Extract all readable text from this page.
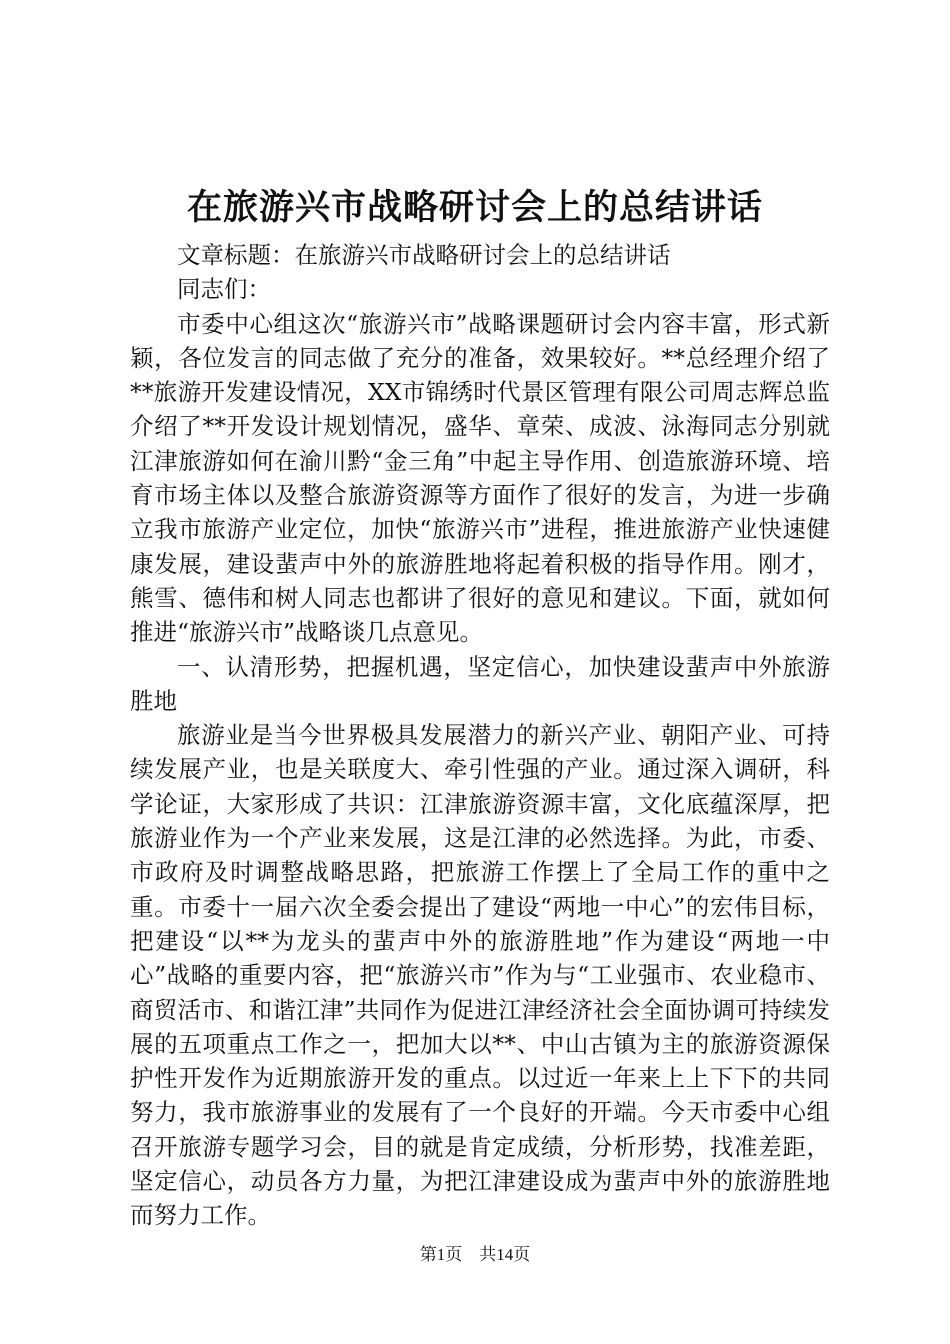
在旅游兴市战略研讨会上的总结讲话

文章标题：在旅游兴市战略研讨会上的总结讲话

同志们：

市委中心组这次“旅游兴市”战略课题研讨会内容丰富，形式新颖，各位发言的同志做了充分的准备，效果较好。**总经理介绍了**旅游开发建设情况，XX市锦绣时代景区管理有限公司周志辉总监介绍了**开发设计规划情况，盛华、章荣、成波、泳海同志分别就江津旅游如何在渝川黔“金三角”中起主导作用、创造旅游环境、培育市场主体以及整合旅游资源等方面作了很好的发言，为进一步确立我市旅游产业定位，加快“旅游兴市”进程，推进旅游产业快速健康发展，建设蜚声中外的旅游胜地将起着积极的指导作用。刚才，熊雪、德伟和树人同志也都讲了很好的意见和建议。下面，就如何推进“旅游兴市”战略谈几点意见。

一、认清形势，把握机遇，坚定信心，加快建设蜚声中外旅游胜地

旅游业是当今世界极具发展潜力的新兴产业、朝阳产业、可持续发展产业，也是关联度大、牵引性强的产业。通过深入调研，科学论证，大家形成了共识：江津旅游资源丰富，文化底蕴深厚，把旅游业作为一个产业来发展，这是江津的必然选择。为此，市委、市政府及时调整战略思路，把旅游工作摆上了全局工作的重中之重。市委十一届六次全委会提出了建设“两地一中心”的宏伟目标，把建设“以**为龙头的蜚声中外的旅游胜地”作为建设“两地一中心”战略的重要内容，把“旅游兴市”作为与“工业强市、农业稳市、商贸活市、和谐江津”共同作为促进江津经济社会全面协调可持续发展的五项重点工作之一，把加大以**、中山古镇为主的旅游资源保护性开发作为近期旅游开发的重点。以过近一年来上上下下的共同努力，我市旅游事业的发展有了一个良好的开端。今天市委中心组召开旅游专题学习会，目的就是肯定成绩，分析形势，找准差距，坚定信心，动员各方力量，为把江津建设成为蜚声中外的旅游胜地而努力工作。

第1页 共14页
